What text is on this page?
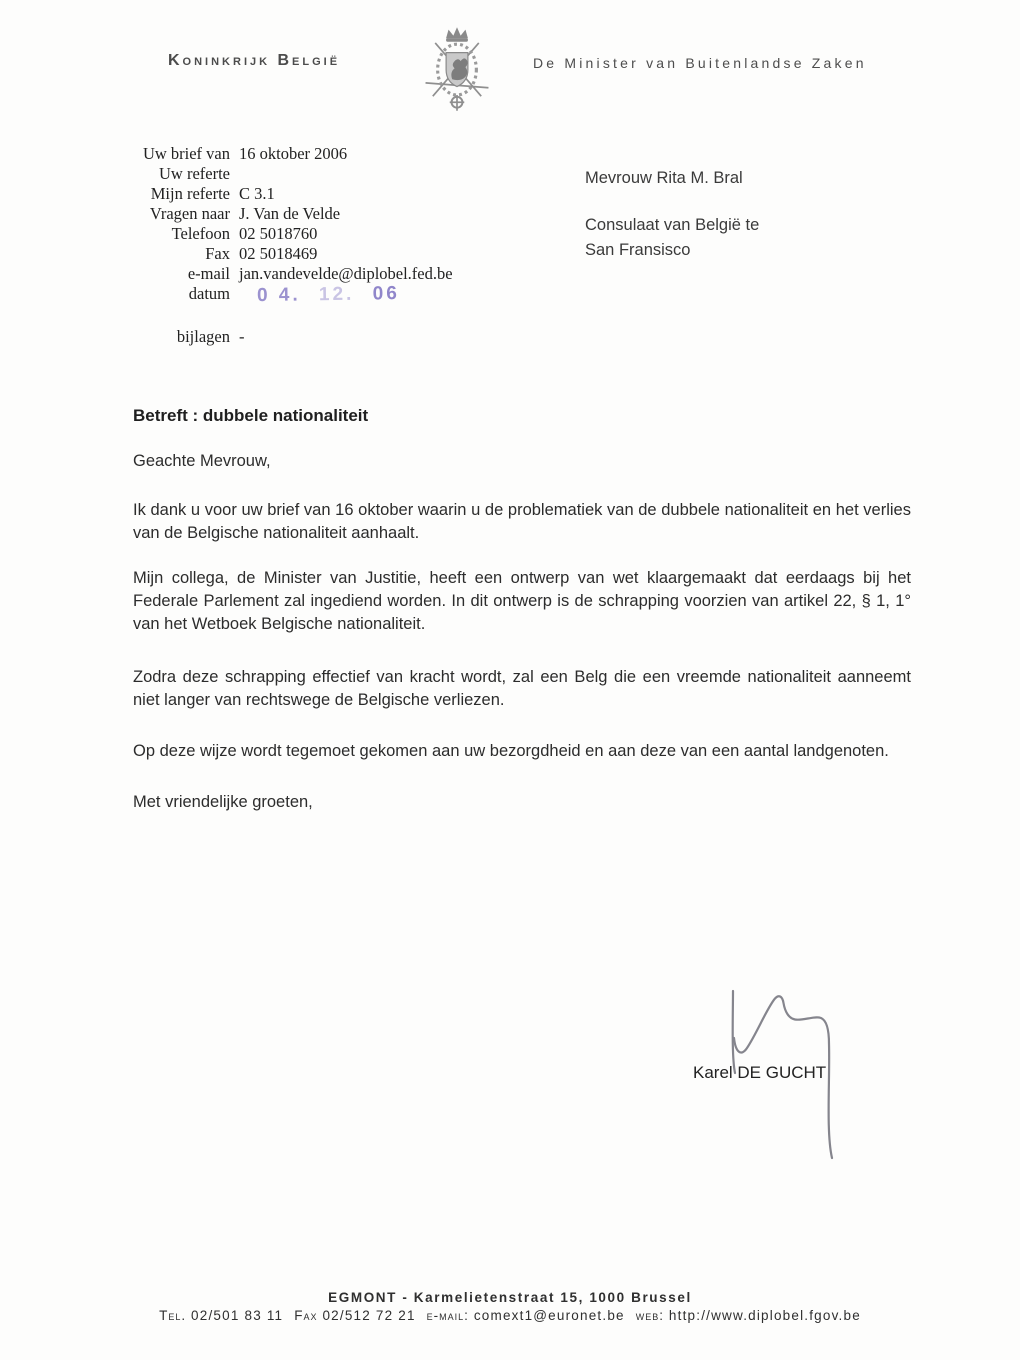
Koninkrijk België	De Minister van Buitenlandse Zaken
Uw brief van 16 oktober 2006
Uw referte
Mijn referte C 3.1
Vragen naar J. Van de Velde
Telefoon 02 5018760
Fax 02 5018469
e-mail jan.vandevelde@diplobel.fed.be
datum	0 4. 12. 06
bijlagen -
Mevrouw Rita M. Bral
Consulaat van België te
San Fransisco
Betreft : dubbele nationaliteit
Geachte Mevrouw,

Ik dank u voor uw brief van 16 oktober waarin u de problematiek van de dubbele nationaliteit en het verlies van de Belgische nationaliteit aanhaalt.

Mijn collega, de Minister van Justitie, heeft een ontwerp van wet klaargemaakt dat eerdaags bij het Federale Parlement zal ingediend worden. In dit ontwerp is de schrapping voorzien van artikel 22, § 1, 1° van het Wetboek Belgische nationaliteit.

Zodra deze schrapping effectief van kracht wordt, zal een Belg die een vreemde nationaliteit aanneemt niet langer van rechtswege de Belgische verliezen.

Op deze wijze wordt tegemoet gekomen aan uw bezorgdheid en aan deze van een aantal landgenoten.

Met vriendelijke groeten,

Karel DE GUCHT
EGMONT - Karmelietenstraat 15, 1000 Brussel
Tel. 02/501 83 11 Fax 02/512 72 21 e-mail: comext1@euronet.be web: http://www.diplobel.fgov.be
